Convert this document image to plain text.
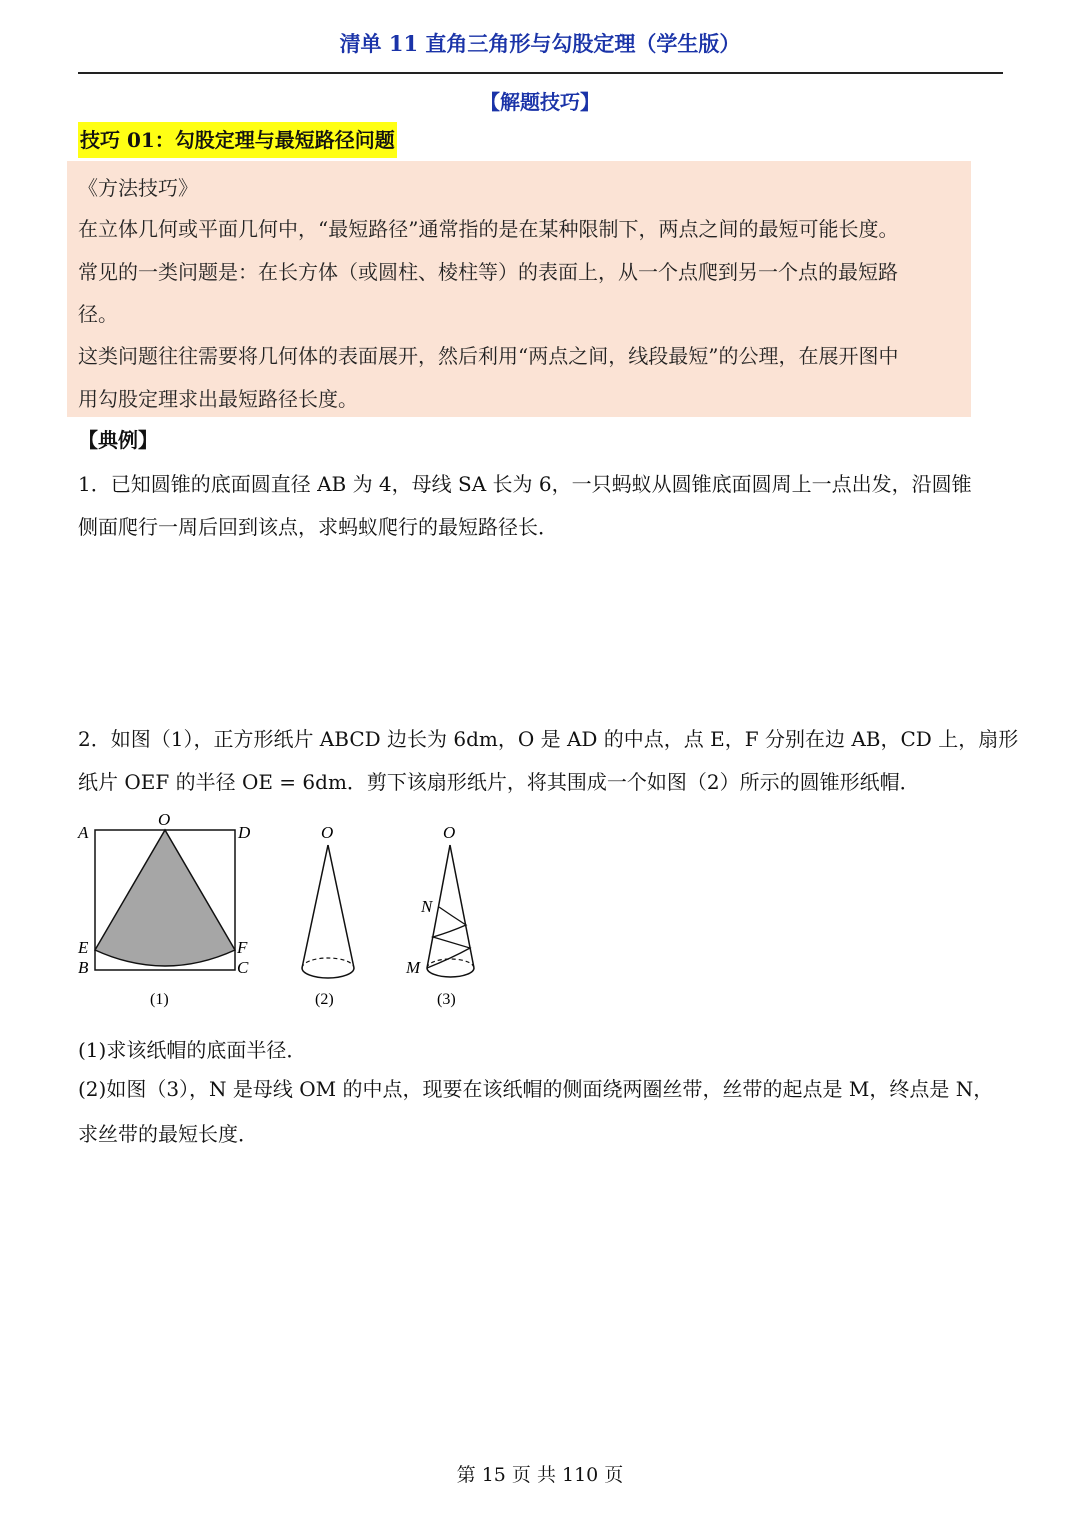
清单 11 直角三角形与勾股定理（学生版）
【解题技巧】
技巧 01：勾股定理与最短路径问题
《方法技巧》
在立体几何或平面几何中，“最短路径”通常指的是在某种限制下，两点之间的最短可能长度。
常见的一类问题是：在长方体（或圆柱、棱柱等）的表面上，从一个点爬到另一个点的最短路
径。
这类问题往往需要将几何体的表面展开，然后利用“两点之间，线段最短”的公理，在展开图中
用勾股定理求出最短路径长度。
【典例】
1．已知圆锥的底面圆直径 AB 为 4，母线 SA 长为 6，一只蚂蚁从圆锥底面圆周上一点出发，沿圆锥
侧面爬行一周后回到该点，求蚂蚁爬行的最短路径长．
2．如图（1），正方形纸片 ABCD 边长为 6dm，O 是 AD 的中点，点 E，F 分别在边 AB，CD 上，扇形
纸片 OEF 的半径 OE = 6dm．剪下该扇形纸片，将其围成一个如图（2）所示的圆锥形纸帽．
A
O
D
E
B
F
C
(1)
O
(2)
O
N
M
(3)
(1)求该纸帽的底面半径．
(2)如图（3），N 是母线 OM 的中点，现要在该纸帽的侧面绕两圈丝带，丝带的起点是 M，终点是 N，
求丝带的最短长度．
第 15 页 共 110 页
